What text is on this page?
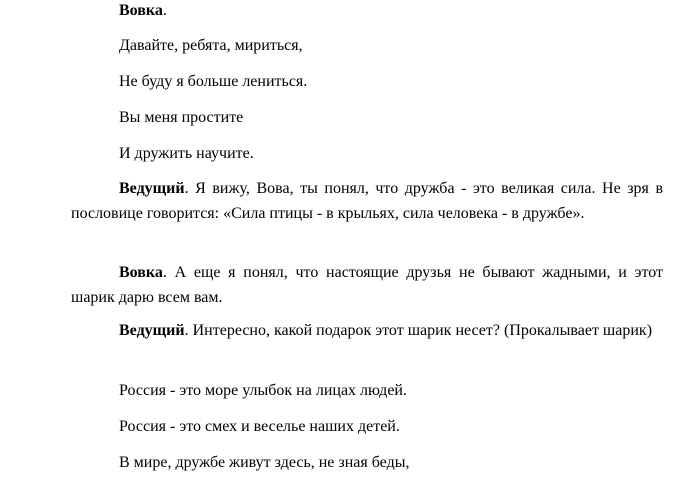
Вовка.
Давайте, ребята, мириться,
Не буду я больше лениться.
Вы меня простите
И дружить научите.
Ведущий. Я вижу, Вова, ты понял, что дружба - это великая сила. Не зря в пословице говорится: «Сила птицы - в крыльях, сила человека - в дружбе».
Вовка. А еще я понял, что настоящие друзья не бывают жадными, и этот шарик дарю всем вам.
Ведущий. Интересно, какой подарок этот шарик несет? (Прокалывает шарик)
Россия - это море улыбок на лицах людей.
Россия - это смех и веселье наших детей.
В мире, дружбе живут здесь, не зная беды,
